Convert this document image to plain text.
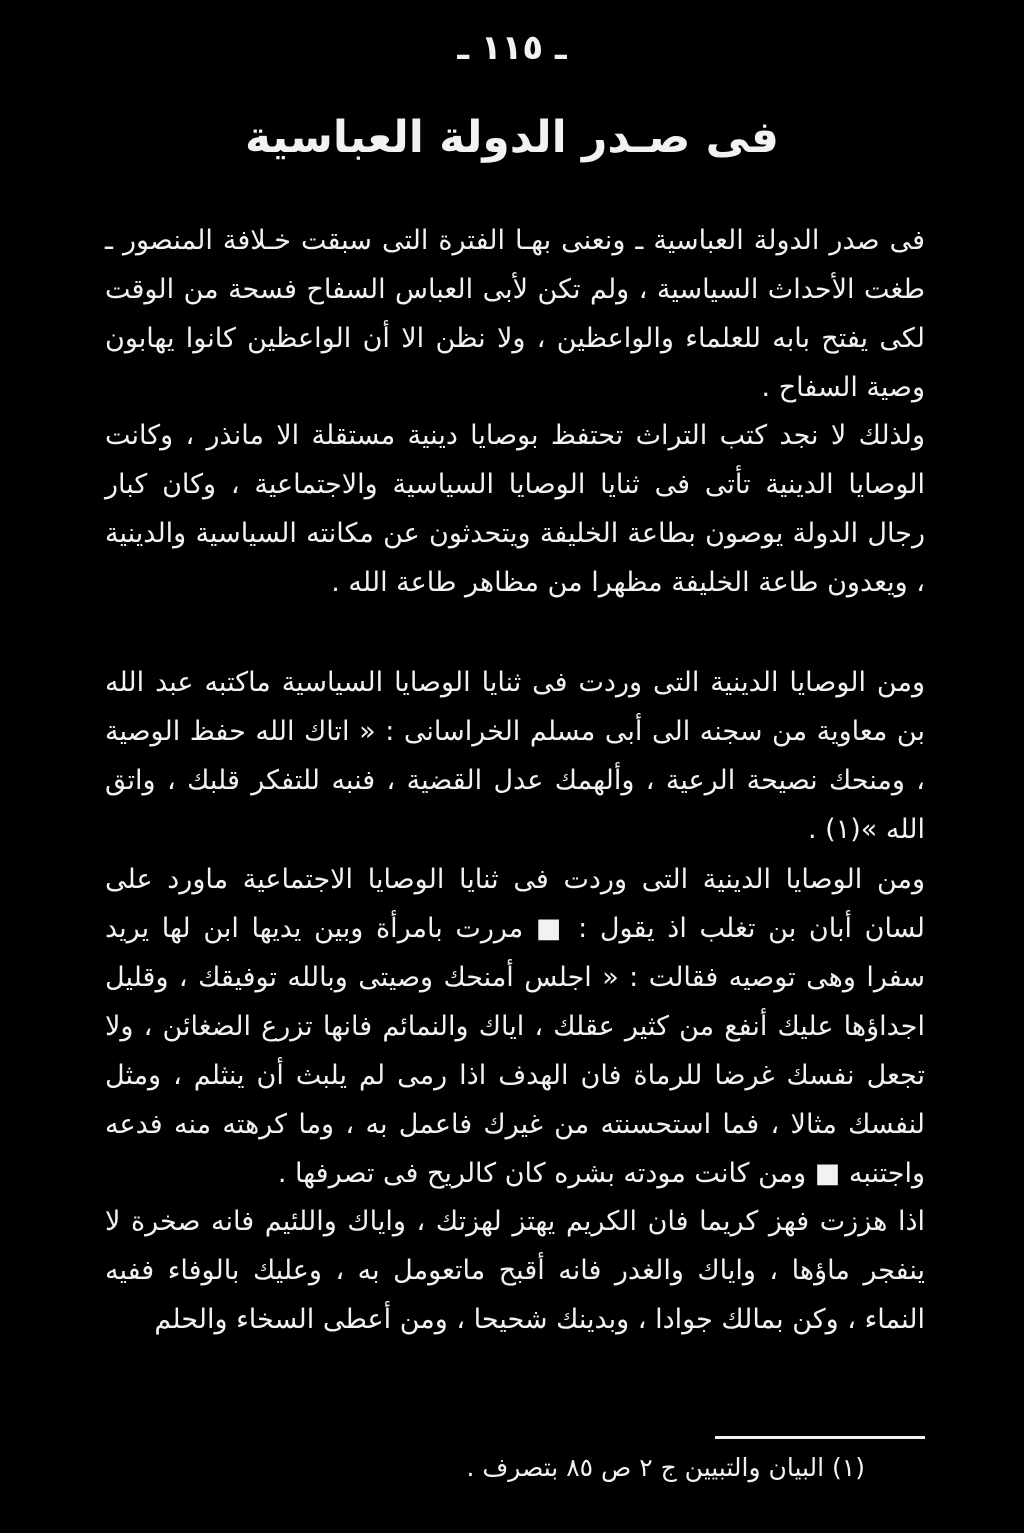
ـ ١١٥ ـ
فى صـدر الدولة العباسية

فى صدر الدولة العباسية ـ ونعنى بهـا الفترة التى سبقت خـلافة المنصور ـ طغت الأحداث السياسية ، ولم تكن لأبى العباس السفاح فسحة من الوقت لكى يفتح بابه للعلماء والواعظين ، ولا نظن الا أن الواعظين كانوا يهابون وصية السفاح .

ولذلك لا نجد كتب التراث تحتفظ بوصايا دينية مستقلة الا مانذر ، وكانت الوصايا الدينية تأتى فى ثنايا الوصايا السياسية والاجتماعية ، وكان كبار رجال الدولة يوصون بطاعة الخليفة ويتحدثون عن مكانته السياسية والدينية ، ويعدون طاعة الخليفة مظهرا من مظاهر طاعة الله .

ومن الوصايا الدينية التى وردت فى ثنايا الوصايا السياسية ماكتبه عبد الله بن معاوية من سجنه الى أبى مسلم الخراسانى : « اتاك الله حفظ الوصية ، ومنحك نصيحة الرعية ، وألهمك عدل القضية ، فنبه للتفكر قلبك ، واتق الله »(١) .

ومن الوصايا الدينية التى وردت فى ثنايا الوصايا الاجتماعية ماورد على لسان أبان بن تغلب اذ يقول : ■ مررت بامرأة وبين يديها ابن لها يريد سفرا وهى توصيه فقالت : « اجلس أمنحك وصيتى وبالله توفيقك ، وقليل اجداؤها عليك أنفع من كثير عقلك ، اياك والنمائم فانها تزرع الضغائن ، ولا تجعل نفسك غرضا للرماة فان الهدف اذا رمى لم يلبث أن ينثلم ، ومثل لنفسك مثالا ، فما استحسنته من غيرك فاعمل به ، وما كرهته منه فدعه واجتنبه ■ ومن كانت مودته بشره كان كالريح فى تصرفها .

اذا هززت فهز كريما فان الكريم يهتز لهزتك ، واياك واللئيم فانه صخرة لا ينفجر ماؤها ، واياك والغدر فانه أقبح ماتعومل به ، وعليك بالوفاء ففيه النماء ، وكن بمالك جوادا ، وبدينك شحيحا ، ومن أعطى السخاء والحلم

(١) البيان والتبيين ج ٢ ص ٨٥ بتصرف .
